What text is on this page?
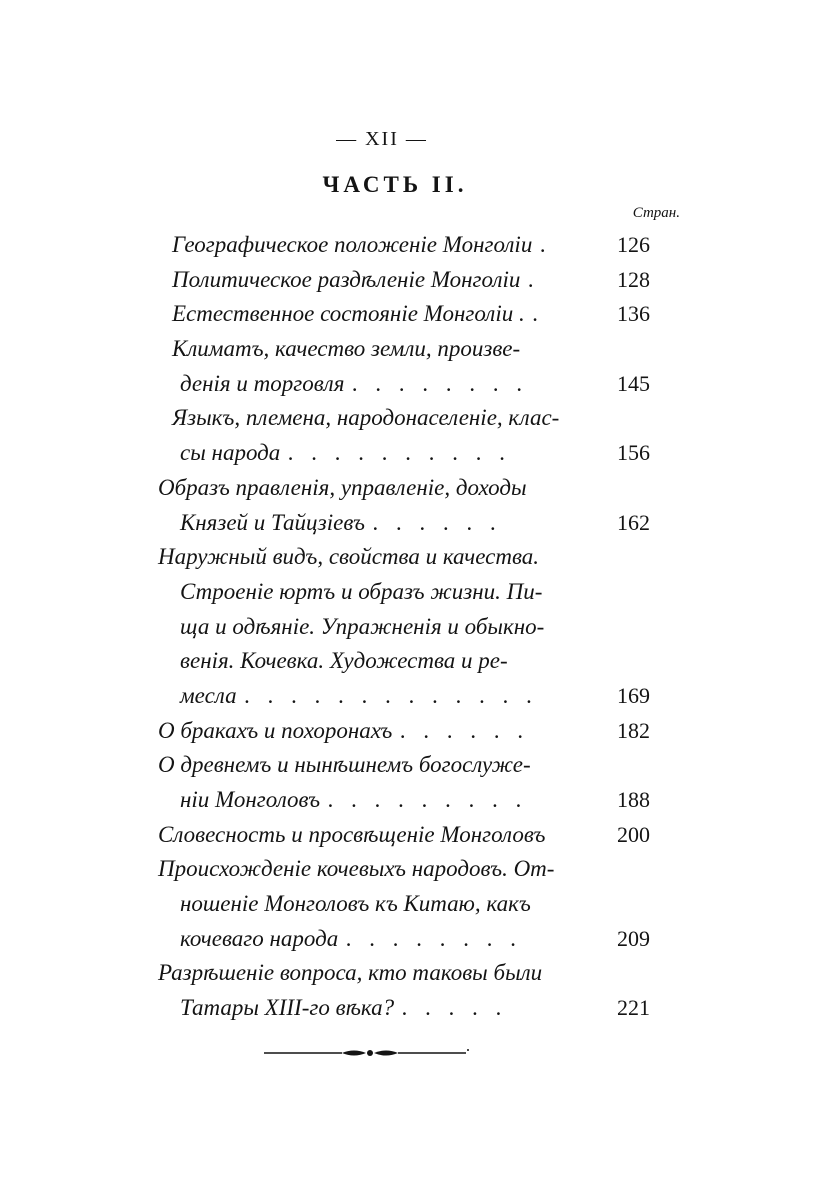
— XII —
ЧАСТЬ II.
Стран.
Географическое положеніе Монголіи .	126
Политическое раздѣленіе Монголіи .	128
Естественное состояніе Монголіи . .	136
Климатъ, качество земли, произве-
денія и торговля . . . . . . . .	145
Языкъ, племена, народонаселеніе, клас-
сы народа . . . . . . . . . .	156
Образъ правленія, управленіе, доходы
Князей и Тайцзіевъ . . . . . .	162
Наружный видъ, свойства и качества.
Строеніе юртъ и образъ жизни. Пи-
ща и одѣяніе. Упражненія и обыкно-
венія. Кочевка. Художества и ре-
месла . . . . . . . . . . . . .	169
О бракахъ и похоронахъ . . . . . .	182
О древнемъ и нынѣшнемъ богослуже-
ніи Монголовъ . . . . . . . . .	188
Словесность и просвѣщеніе Монголовъ	200
Происхожденіе кочевыхъ народовъ. От-
ношеніе Монголовъ къ Китаю, какъ
кочеваго народа . . . . . . . .	209
Разрѣшеніе вопроса, кто таковы были
Татары XIII-го вѣка? . . . . .	221
